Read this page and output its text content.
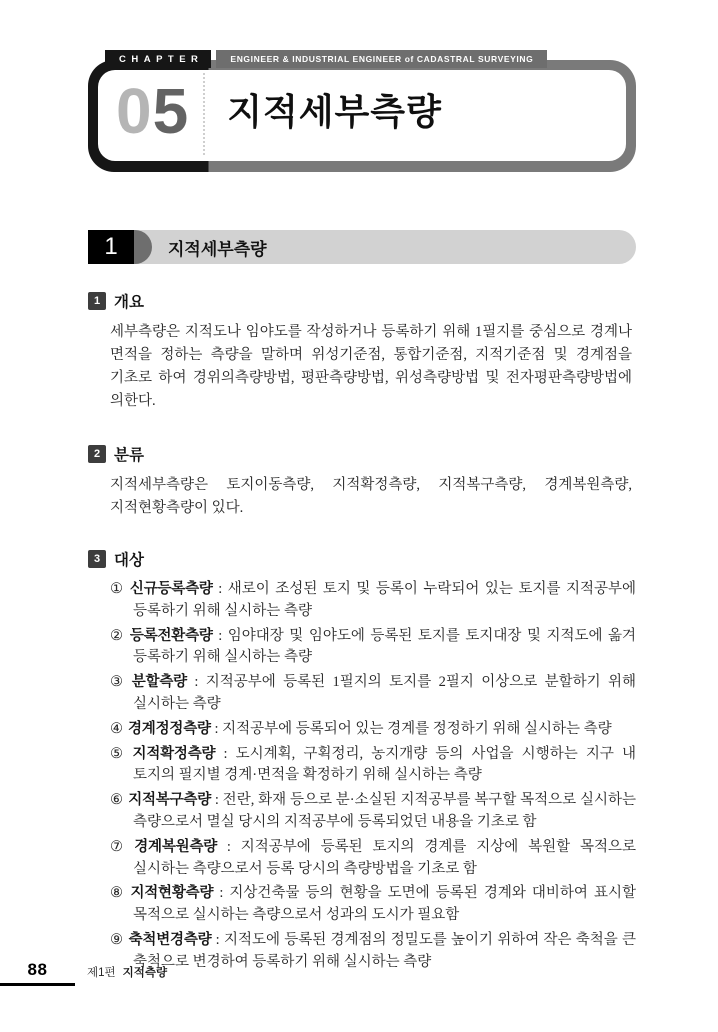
CHAPTER	ENGINEER & INDUSTRIAL ENGINEER of CADASTRAL SURVEYING
0 5 지적세부측량
1	지적세부측량
1 개요

세부측량은 지적도나 임야도를 작성하거나 등록하기 위해 1필지를 중심으로 경계나 면적을 정하는 측량을 말하며 위성기준점, 통합기준점, 지적기준점 및 경계점을 기초로 하여 경위의측량방법, 평판측량방법, 위성측량방법 및 전자평판측량방법에 의한다.

2 분류

지적세부측량은 토지이동측량, 지적확정측량, 지적복구측량, 경계복원측량, 지적현황측량이 있다.

3 대상
① 신규등록측량 : 새로이 조성된 토지 및 등록이 누락되어 있는 토지를 지적공부에 등록하기 위해 실시하는 측량
② 등록전환측량 : 임야대장 및 임야도에 등록된 토지를 토지대장 및 지적도에 옮겨 등록하기 위해 실시하는 측량
③ 분할측량 : 지적공부에 등록된 1필지의 토지를 2필지 이상으로 분할하기 위해 실시하는 측량
④ 경계정정측량 : 지적공부에 등록되어 있는 경계를 정정하기 위해 실시하는 측량
⑤ 지적확정측량 : 도시계획, 구획정리, 농지개량 등의 사업을 시행하는 지구 내 토지의 필지별 경계·면적을 확정하기 위해 실시하는 측량
⑥ 지적복구측량 : 전란, 화재 등으로 분·소실된 지적공부를 복구할 목적으로 실시하는 측량으로서 멸실 당시의 지적공부에 등록되었던 내용을 기초로 함
⑦ 경계복원측량 : 지적공부에 등록된 토지의 경계를 지상에 복원할 목적으로 실시하는 측량으로서 등록 당시의 측량방법을 기초로 함
⑧ 지적현황측량 : 지상건축물 등의 현황을 도면에 등록된 경계와 대비하여 표시할 목적으로 실시하는 측량으로서 성과의 도시가 필요함
⑨ 축척변경측량 : 지적도에 등록된 경계점의 정밀도를 높이기 위하여 작은 축척을 큰 축척으로 변경하여 등록하기 위해 실시하는 측량
88	제1편 지적측량
